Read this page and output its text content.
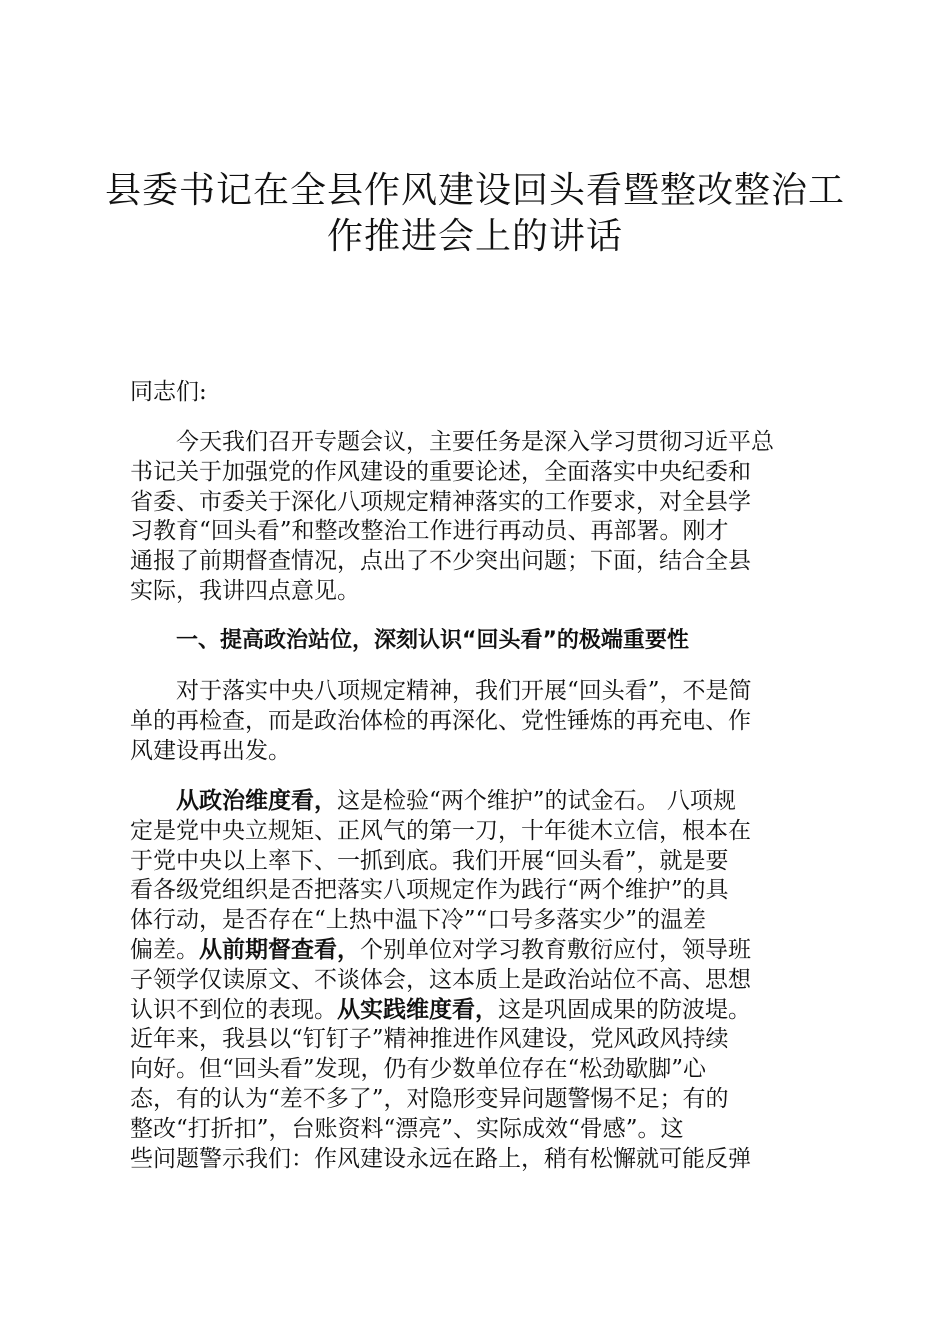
县委书记在全县作风建设回头看暨整改整治工
作推进会上的讲话
同志们:
今天我们召开专题会议，主要任务是深入学习贯彻习近平总
书记关于加强党的作风建设的重要论述，全面落实中央纪委和
省委、市委关于深化八项规定精神落实的工作要求，对全县学
习教育“回头看”和整改整治工作进行再动员、再部署。刚才
通报了前期督查情况，点出了不少突出问题；下面，结合全县
实际，我讲四点意见。
一、提高政治站位，深刻认识“回头看”的极端重要性
对于落实中央八项规定精神，我们开展“回头看”，不是简
单的再检查，而是政治体检的再深化、党性锤炼的再充电、作
风建设再出发。
从政治维度看，这是检验“两个维护”的试金石。 八项规
定是党中央立规矩、正风气的第一刀，十年徙木立信，根本在
于党中央以上率下、一抓到底。我们开展“回头看”，就是要
看各级党组织是否把落实八项规定作为践行“两个维护”的具
体行动，是否存在“上热中温下冷”“口号多落实少”的温差
偏差。从前期督查看，个别单位对学习教育敷衍应付，领导班
子领学仅读原文、不谈体会，这本质上是政治站位不高、思想
认识不到位的表现。从实践维度看，这是巩固成果的防波堤。
近年来，我县以“钉钉子”精神推进作风建设，党风政风持续
向好。但“回头看”发现，仍有少数单位存在“松劲歇脚”心
态，有的认为“差不多了”，对隐形变异问题警惕不足；有的
整改“打折扣”，台账资料“漂亮”、实际成效“骨感”。这
些问题警示我们：作风建设永远在路上，稍有松懈就可能反弹
